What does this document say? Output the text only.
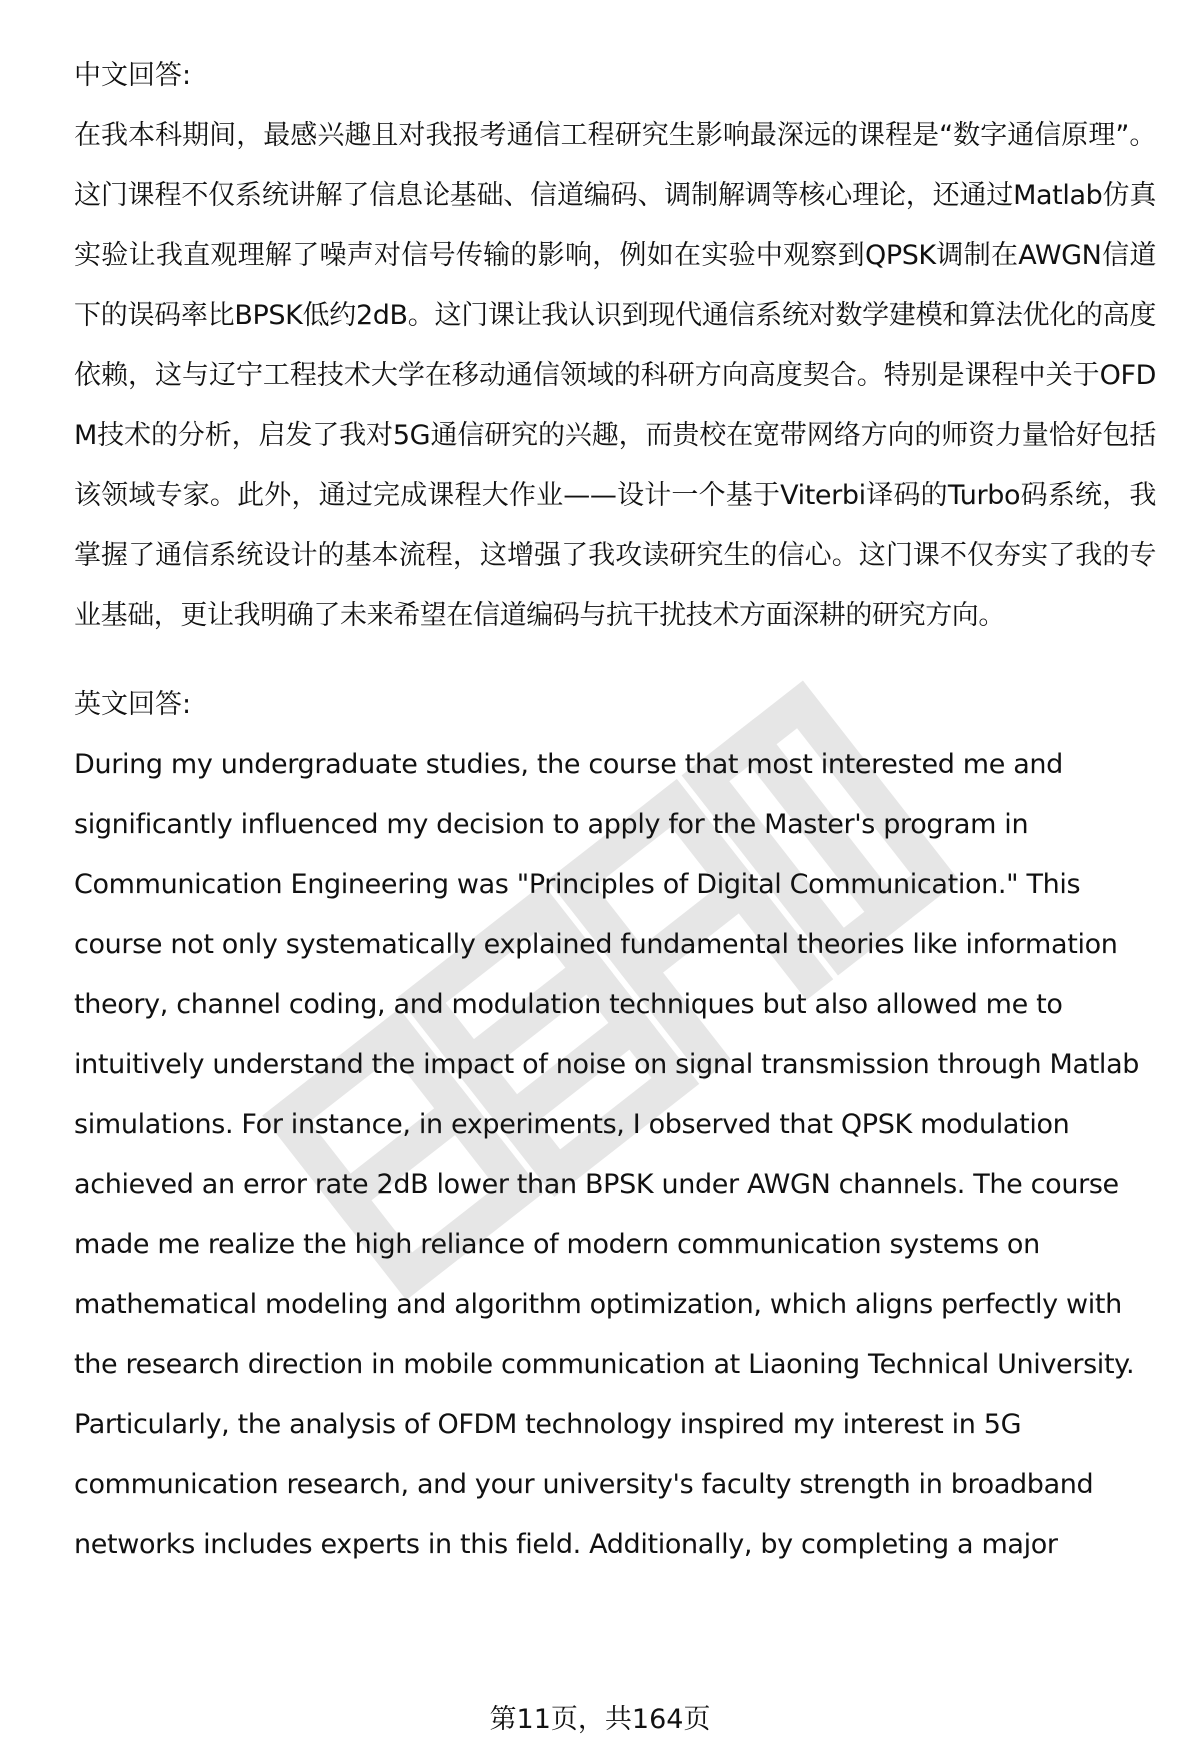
中文回答:

在我本科期间，最感兴趣且对我报考通信工程研究生影响最深远的课程是“数字通信原理”。这门课程不仅系统讲解了信息论基础、信道编码、调制解调等核心理论，还通过Matlab仿真实验让我直观理解了噪声对信号传输的影响，例如在实验中观察到QPSK调制在AWGN信道下的误码率比BPSK低约2dB。这门课让我认识到现代通信系统对数学建模和算法优化的高度依赖，这与辽宁工程技术大学在移动通信领域的科研方向高度契合。特别是课程中关于OFDM技术的分析，启发了我对5G通信研究的兴趣，而贵校在宽带网络方向的师资力量恰好包括该领域专家。此外，通过完成课程大作业——设计一个基于Viterbi译码的Turbo码系统，我掌握了通信系统设计的基本流程，这增强了我攻读研究生的信心。这门课不仅夯实了我的专业基础，更让我明确了未来希望在信道编码与抗干扰技术方面深耕的研究方向。

英文回答:

During my undergraduate studies, the course that most interested me and significantly influenced my decision to apply for the Master's program in Communication Engineering was "Principles of Digital Communication." This course not only systematically explained fundamental theories like information theory, channel coding, and modulation techniques but also allowed me to intuitively understand the impact of noise on signal transmission through Matlab simulations. For instance, in experiments, I observed that QPSK modulation achieved an error rate 2dB lower than BPSK under AWGN channels. The course made me realize the high reliance of modern communication systems on mathematical modeling and algorithm optimization, which aligns perfectly with the research direction in mobile communication at Liaoning Technical University. Particularly, the analysis of OFDM technology inspired my interest in 5G communication research, and your university's faculty strength in broadband networks includes experts in this field. Additionally, by completing a major

第11页，共164页
